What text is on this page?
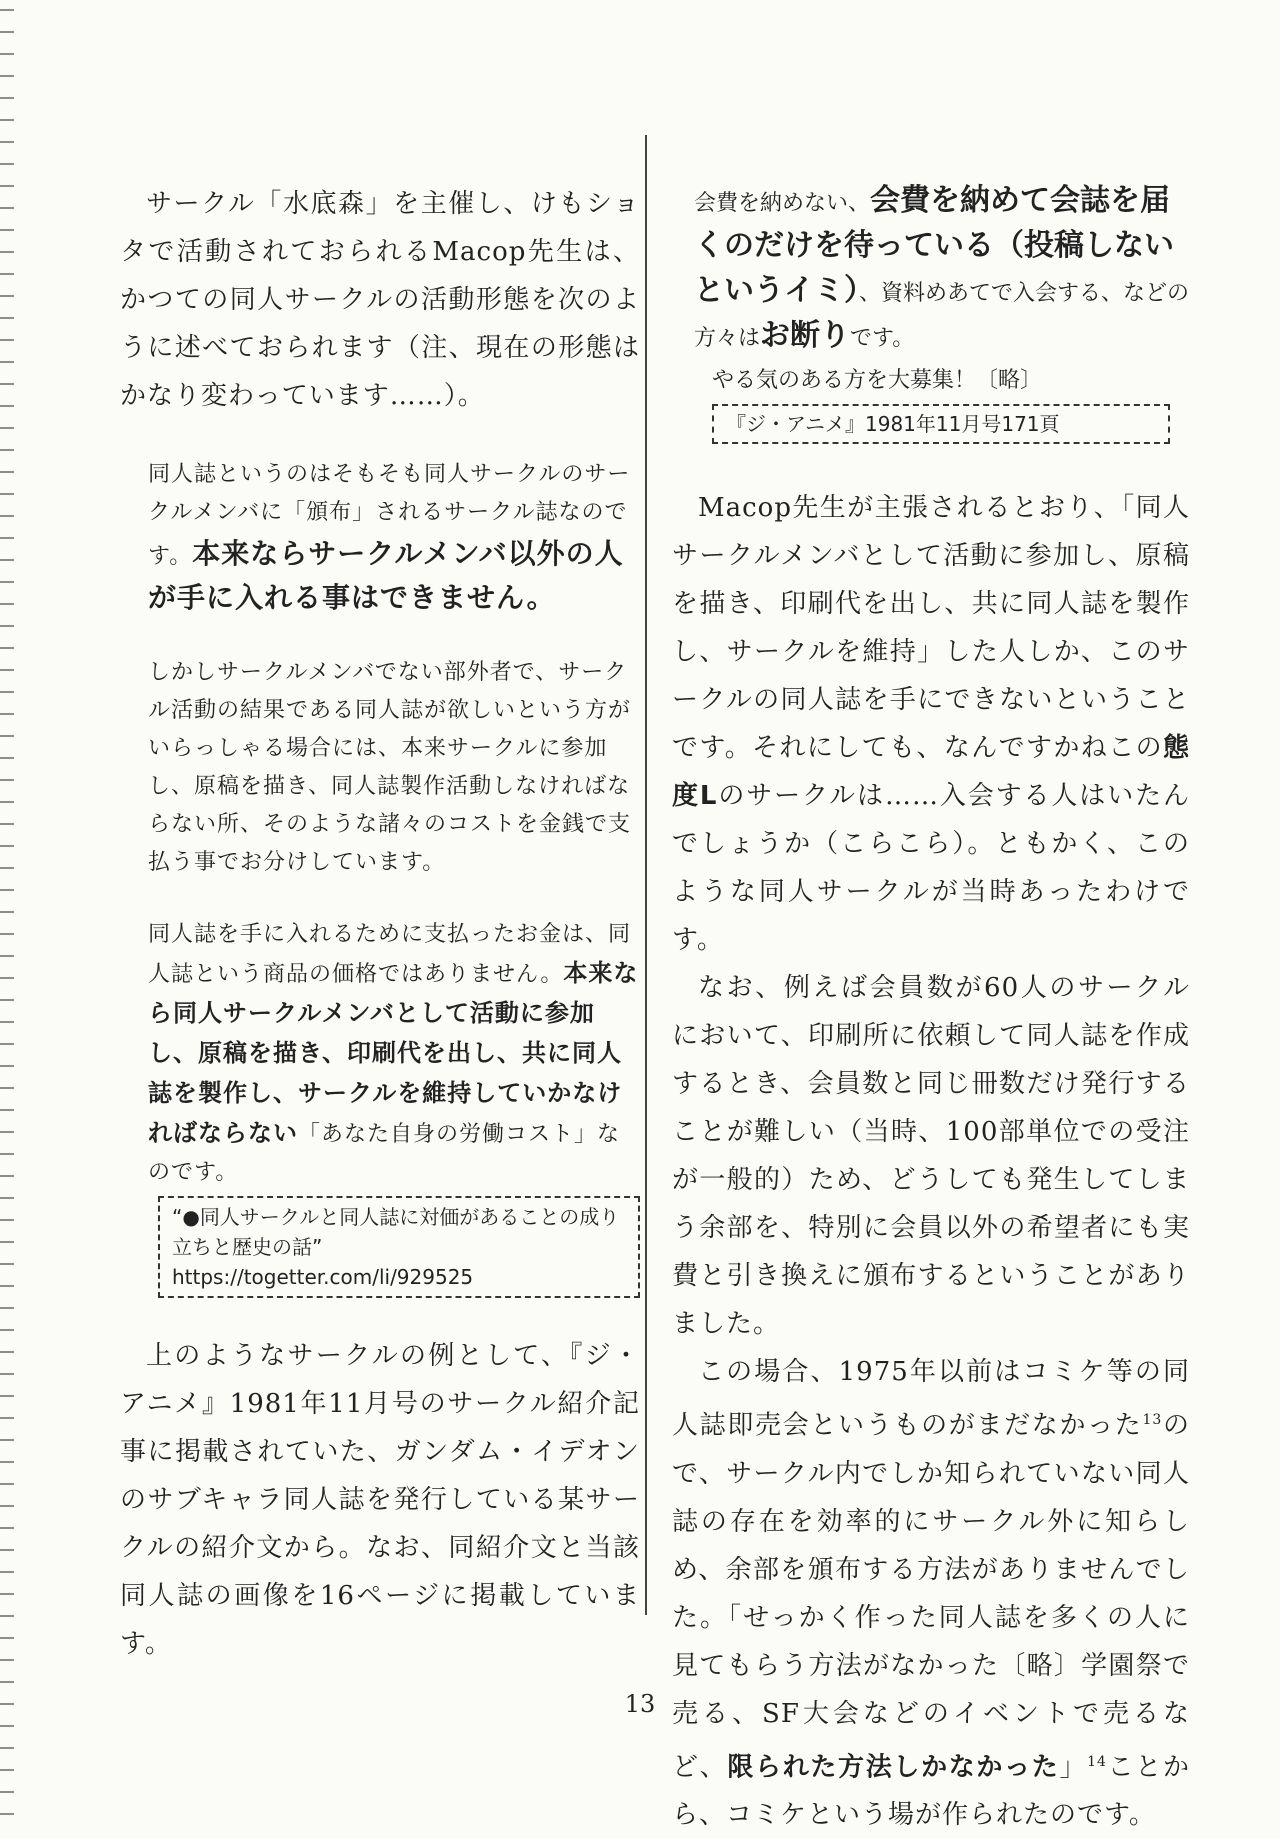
サークル「水底森」を主催し、けもショタで活動されておられるMacop先生は、かつての同人サークルの活動形態を次のように述べておられます（注、現在の形態はかなり変わっています……）。

同人誌というのはそもそも同人サークルのサークルメンバに「頒布」されるサークル誌なのです。本来ならサークルメンバ以外の人が手に入れる事はできません。

しかしサークルメンバでない部外者で、サークル活動の結果である同人誌が欲しいという方がいらっしゃる場合には、本来サークルに参加し、原稿を描き、同人誌製作活動しなければならない所、そのような諸々のコストを金銭で支払う事でお分けしています。

同人誌を手に入れるために支払ったお金は、同人誌という商品の価格ではありません。本来なら同人サークルメンバとして活動に参加し、原稿を描き、印刷代を出し、共に同人誌を製作し、サークルを維持していかなければならない「あなた自身の労働コスト」なのです。

“●同人サークルと同人誌に対価があることの成り立ちと歴史の話” https://togetter.com/li/929525

上のようなサークルの例として、『ジ・アニメ』1981年11月号のサークル紹介記事に掲載されていた、ガンダム・イデオンのサブキャラ同人誌を発行している某サークルの紹介文から。なお、同紹介文と当該同人誌の画像を16ページに掲載しています。

会費を納めない、会費を納めて会誌を届くのだけを待っている（投稿しないというイミ）、資料めあてで入会する、などの方々はお断りです。

やる気のある方を大募集！〔略〕

『ジ・アニメ』1981年11月号171頁

Macop先生が主張されるとおり、「同人サークルメンバとして活動に参加し、原稿を描き、印刷代を出し、共に同人誌を製作し、サークルを維持」した人しか、このサークルの同人誌を手にできないということです。それにしても、なんですかねこの態度Lのサークルは……入会する人はいたんでしょうか（こらこら）。ともかく、このような同人サークルが当時あったわけです。

なお、例えば会員数が60人のサークルにおいて、印刷所に依頼して同人誌を作成するとき、会員数と同じ冊数だけ発行することが難しい（当時、100部単位での受注が一般的）ため、どうしても発生してしまう余部を、特別に会員以外の希望者にも実費と引き換えに頒布するということがありました。

この場合、1975年以前はコミケ等の同人誌即売会というものがまだなかった$^{13}$ので、サークル内でしか知られていない同人誌の存在を効率的にサークル外に知らしめ、余部を頒布する方法がありませんでした。「せっかく作った同人誌を多くの人に見てもらう方法がなかった〔略〕学園祭で売る、SF大会などのイベントで売るなど、限られた方法しかなかった」$^{14}$ことから、コミケという場が作られたのです。

13
